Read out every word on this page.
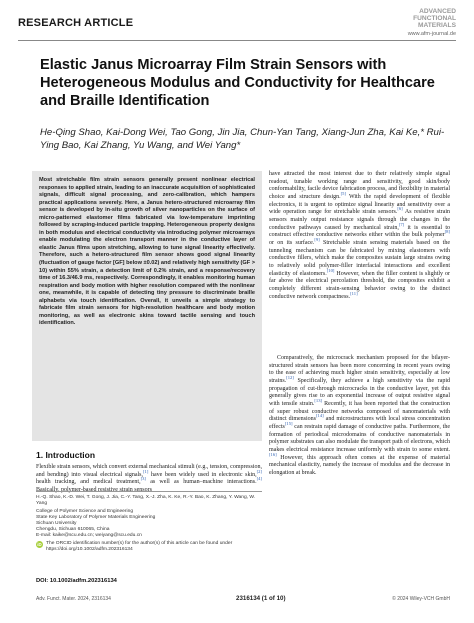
RESEARCH ARTICLE
ADVANCED
FUNCTIONAL
MATERIALS
www.afm-journal.de
Elastic Janus Microarray Film Strain Sensors with Heterogeneous Modulus and Conductivity for Healthcare and Braille Identification
He-Qing Shao, Kai-Dong Wei, Tao Gong, Jin Jia, Chun-Yan Tang, Xiang-Jun Zha, Kai Ke,* Rui-Ying Bao, Kai Zhang, Yu Wang, and Wei Yang*
Most stretchable film strain sensors generally present nonlinear electrical responses to applied strain, leading to an inaccurate acquisition of sophisticated signals, difficult signal processing, and zero-calibration, which hampers practical applications severely. Here, a Janus hetero-structured microarray film sensor is developed by in-situ growth of silver nanoparticles on the surface of micro-patterned elastomer films fabricated via low-temperature imprinting followed by scraping-induced particle trapping. Heterogeneous property designs in both modulus and electrical conductivity via introducing polymer microarrays enable modulating the electron transport manner in the conductive layer of elastic Janus films upon stretching, allowing to tune signal linearity effectively. Therefore, such a hetero-structured film sensor shows good signal linearity (fluctuation of gauge factor [GF] below ±0.02) and relatively high sensitivity (GF > 10) within 55% strain, a detection limit of 0.2% strain, and a response/recovery time of 16.3/46.9 ms, respectively. Correspondingly, it enables monitoring human respiration and body motion with higher resolution compared with the nonlinear one, meanwhile, it is capable of detecting tiny pressure to discriminate braille alphabets via touch identification. Overall, it unveils a simple strategy to fabricate film strain sensors for high-resolution healthcare and body motion monitoring, as well as electronic skins toward tactile sensing and touch identification.
1. Introduction
Flexible strain sensors, which convert external mechanical stimuli (e.g., tension, compression, and bending) into visual electrical signals,[1] have been widely used in electronic skin,[2] health tracking, and medical treatment,[3] as well as human–machine interactions.[4] Basically, polymer-based resistive strain sensors

H.-Q. Shao, K.-D. Wei, T. Gong, J. Jia, C.-Y. Tang, X.-J. Zha, K. Ke, R.-Y. Bao, K. Zhang, Y. Wang, W. Yang

College of Polymer Science and Engineering
State Key Laboratory of Polymer Materials Engineering
Sichuan University
Chengdu, Sichuan 610065, China
E-mail: kaike@scu.edu.cn; weiyang@scu.edu.cn

iD The ORCID identification number(s) for the author(s) of this article can be found under https://doi.org/10.1002/adfm.202316134
DOI: 10.1002/adfm.202316134

have attracted the most interest due to their relatively simple signal readout, tunable working range and sensitivity, good skin/body conformability, facile device fabrication process, and flexibility in material choice and structure design.[5] With the rapid development of flexible electronics, it is urgent to optimize signal linearity and sensitivity over a wide operation range for stretchable strain sensors.[6] As resistive strain sensors mainly output resistance signals through the changes in the conductive pathways caused by mechanical strain,[7] it is essential to construct effective conductive networks either within the bulk polymer[8] or on its surface.[9] Stretchable strain sensing materials based on the tunneling mechanism can be fabricated by mixing elastomers with conductive fillers, which make the composites sustain large strains owing to relatively solid polymer-filler interfacial interactions and excellent elasticity of elastomers.[10] However, when the filler content is slightly or far above the electrical percolation threshold, the composites exhibit a completely different strain-sensing behavior owing to the distinct conductive network compactness.[11]

Comparatively, the microcrack mechanism proposed for the bilayer-structured strain sensors has been more concerning in recent years owing to the ease of achieving much higher strain sensitivity, especially at low strains.[12] Specifically, they achieve a high sensitivity via the rapid propagation of cut-through microcracks in the conductive layer, yet this generally gives rise to an exponential increase of output resistive signal with tensile strain.[13] Recently, it has been reported that the construction of super robust conductive networks composed of nanomaterials with distinct dimensions[14] and microstructures with local stress concentration effects[15] can restrain rapid damage of conductive paths. Furthermore, the formation of periodical microdomains of conductive nanomaterials in polymer substrates can also modulate the transport path of electrons, which makes electrical resistance increase uniformly with strain to some extent.[16] However, this approach often comes at the expense of material mechanical elasticity, namely the increase of modulus and the decrease in elongation at break.

Adv. Funct. Mater. 2024, 2316134	2316134 (1 of 10)	© 2024 Wiley-VCH GmbH
